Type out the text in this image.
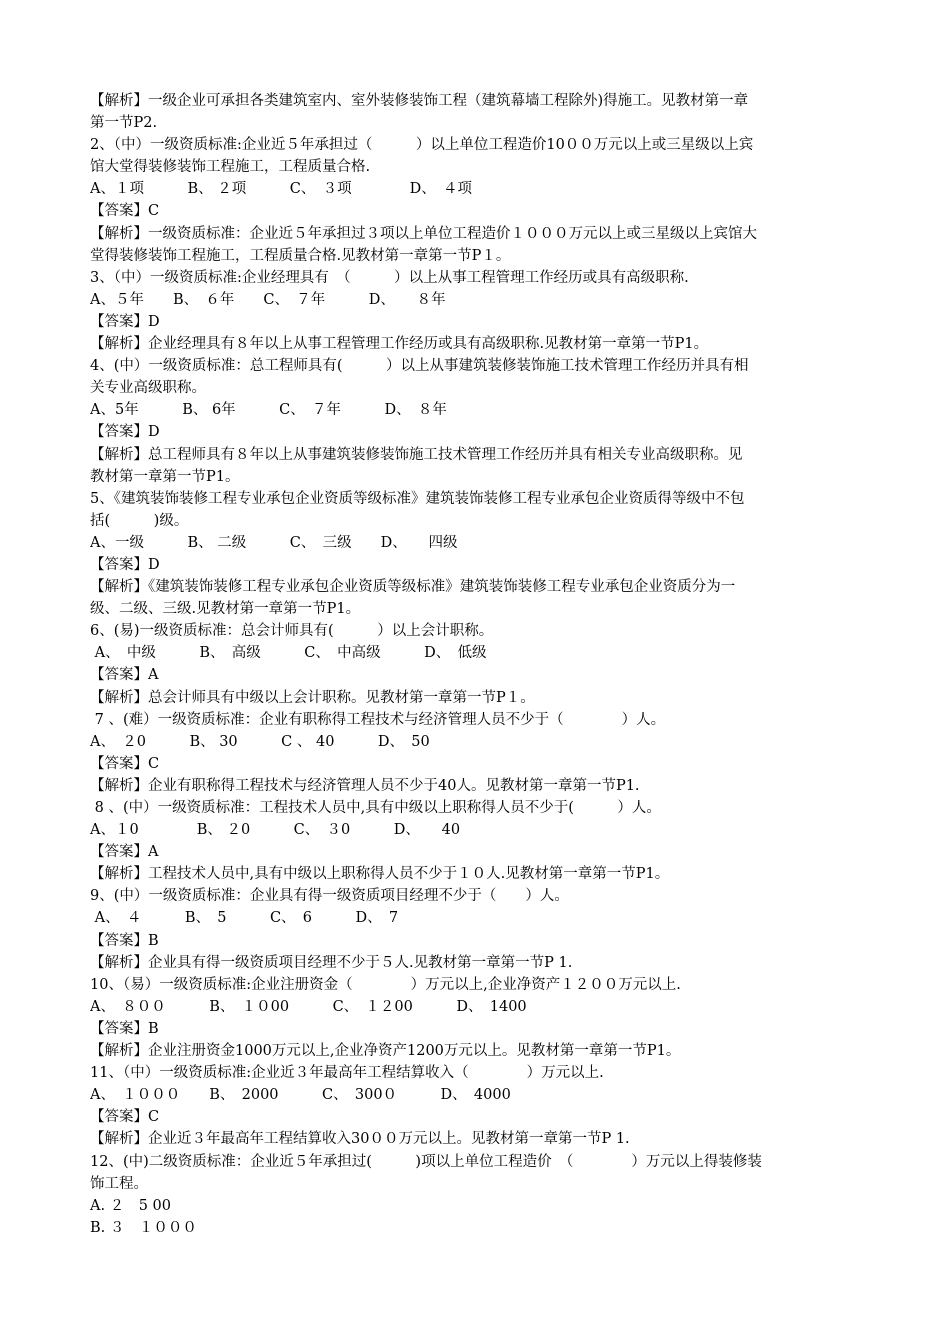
【解析】一级企业可承担各类建筑室内、室外装修装饰工程（建筑幕墙工程除外)得施工。见教材第一章
第一节P2.
2、（中）一级资质标准:企业近５年承担过（　　　）以上单位工程造价10００万元以上或三星级以上宾
馆大堂得装修装饰工程施工，工程质量合格.
A、１项　　　B、 ２项　　　C、　３项　　　　D、　４项
【答案】C
【解析】一级资质标准：企业近５年承担过３项以上单位工程造价１０００万元以上或三星级以上宾馆大
堂得装修装饰工程施工，工程质量合格.见教材第一章第一节P１。
3、（中）一级资质标准:企业经理具有　（　　　）以上从事工程管理工作经历或具有高级职称.
A、５年　　B、　６年　　C、　７年　　　D、　　８年
【答案】D
【解析】企业经理具有８年以上从事工程管理工作经历或具有高级职称.见教材第一章第一节P1。
4、(中）一级资质标准：总工程师具有(　　　）以上从事建筑装修装饰施工技术管理工作经历并具有相
关专业高级职称。
A、5年　　　B、 6年　　　C、　７年　　　D、　８年
【答案】D
【解析】总工程师具有８年以上从事建筑装修装饰施工技术管理工作经历并具有相关专业高级职称。见
教材第一章第一节P1。
5、《建筑装饰装修工程专业承包企业资质等级标准》建筑装饰装修工程专业承包企业资质得等级中不包
括(　　　)级。
A、一级　　　B、 二级　　　C、　三级　　D、　　四级
【答案】D
【解析】《建筑装饰装修工程专业承包企业资质等级标准》建筑装饰装修工程专业承包企业资质分为一
级、二级、三级.见教材第一章第一节P1。
6、(易)一级资质标准：总会计师具有(　　　）以上会计职称。
A、　中级　　　B、　高级　　　C、　中高级　　　D、　低级
【答案】A
【解析】总会计师具有中级以上会计职称。见教材第一章第一节P１。
7 、(难）一级资质标准：企业有职称得工程技术与经济管理人员不少于（　　　　）人。
A、　２0　　　B、 30　　　C 、 40　　　D、　50
【答案】C
【解析】企业有职称得工程技术与经济管理人员不少于40人。见教材第一章第一节P1.
8 、(中）一级资质标准：工程技术人员中,具有中级以上职称得人员不少于(　　　）人。
A、１0　　　　B、 ２0　　　C、　３0　　　D、　　40
【答案】A
【解析】工程技术人员中,具有中级以上职称得人员不少于１０人.见教材第一章第一节P1。
9、(中）一级资质标准：企业具有得一级资质项目经理不少于（　　）人。
A、　４　　　B、　5　　　C、　6　　　D、　7
【答案】B
【解析】企业具有得一级资质项目经理不少于５人.见教材第一章第一节P 1.
10、（易）一级资质标准:企业注册资金（　　　　）万元以上,企业净资产１２００万元以上.
A、　８００　　　B、　１０00　　　C、　１２00　　　D、　1400
【答案】B
【解析】企业注册资金1000万元以上,企业净资产1200万元以上。见教材第一章第一节P1。
11、（中）一级资质标准:企业近３年最高年工程结算收入（　　　　）万元以上.
A、　１０００　　B、　2000　　　C、　300０　　　D、　4000
【答案】C
【解析】企业近３年最高年工程结算收入30００万元以上。见教材第一章第一节P 1.
12、(中)二级资质标准：企业近５年承担过(　　　)项以上单位工程造价　（　　　　）万元以上得装修装
饰工程。
A. ２　5 00
B. ３　１０００
